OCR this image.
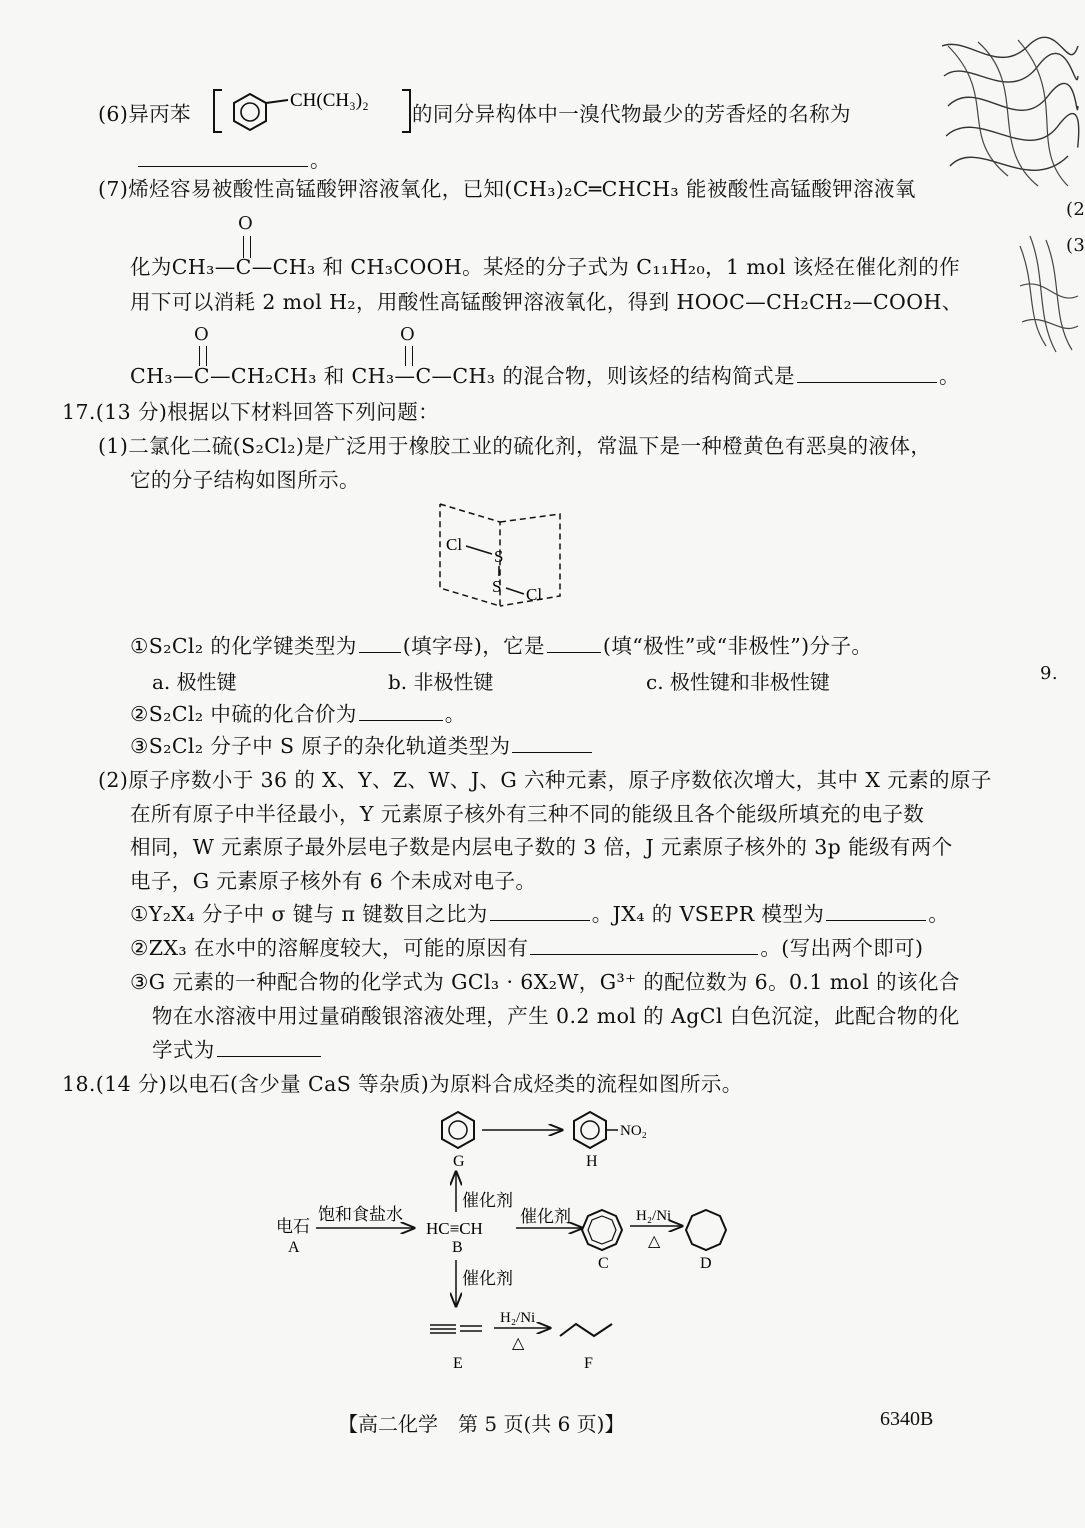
(6)异丙苯
CH(CH₃)₂
的同分异构体中一溴代物最少的芳香烃的名称为
。
(7)烯烃容易被酸性高锰酸钾溶液氧化，已知(CH₃)₂C═CHCH₃ 能被酸性高锰酸钾溶液氧
O
化为CH₃—C—CH₃ 和 CH₃COOH。某烃的分子式为 C₁₁H₂₀，1 mol 该烃在催化剂的作
用下可以消耗 2 mol H₂，用酸性高锰酸钾溶液氧化，得到 HOOC—CH₂CH₂—COOH、
O	O
CH₃—C—CH₂CH₃ 和 CH₃—C—CH₃ 的混合物，则该烃的结构简式是	。
17.(13 分)根据以下材料回答下列问题：
(1)二氯化二硫(S₂Cl₂)是广泛用于橡胶工业的硫化剂，常温下是一种橙黄色有恶臭的液体，
它的分子结构如图所示。
Cl
S
S Cl
①S₂Cl₂ 的化学键类型为 (填字母)，它是	(填“极性”或“非极性”)分子。
a. 极性键	b. 非极性键	c. 极性键和非极性键
②S₂Cl₂ 中硫的化合价为	。
③S₂Cl₂ 分子中 S 原子的杂化轨道类型为
(2)原子序数小于 36 的 X、Y、Z、W、J、G 六种元素，原子序数依次增大，其中 X 元素的原子
在所有原子中半径最小，Y 元素原子核外有三种不同的能级且各个能级所填充的电子数
相同，W 元素原子最外层电子数是内层电子数的 3 倍，J 元素原子核外的 3p 能级有两个
电子，G 元素原子核外有 6 个未成对电子。
①Y₂X₄ 分子中 σ 键与 π 键数目之比为	。JX₄ 的 VSEPR 模型为	。
②ZX₃ 在水中的溶解度较大，可能的原因有	。(写出两个即可)
③G 元素的一种配合物的化学式为 GCl₃ · 6X₂W，G³⁺ 的配位数为 6。0.1 mol 的该化合
物在水溶液中用过量硝酸银溶液处理，产生 0.2 mol 的 AgCl 白色沉淀，此配合物的化
学式为
18.(14 分)以电石(含少量 CaS 等杂质)为原料合成烃类的流程如图所示。
NO₂
G	H
催化剂
电石
A
饱和食盐水
HC≡CH
B
催化剂
C
H₂/Ni
△
D
催化剂
H₂/Ni
△
E	F
【高二化学　第 5 页(共 6 页)】	6340B
(2
(3
9.
